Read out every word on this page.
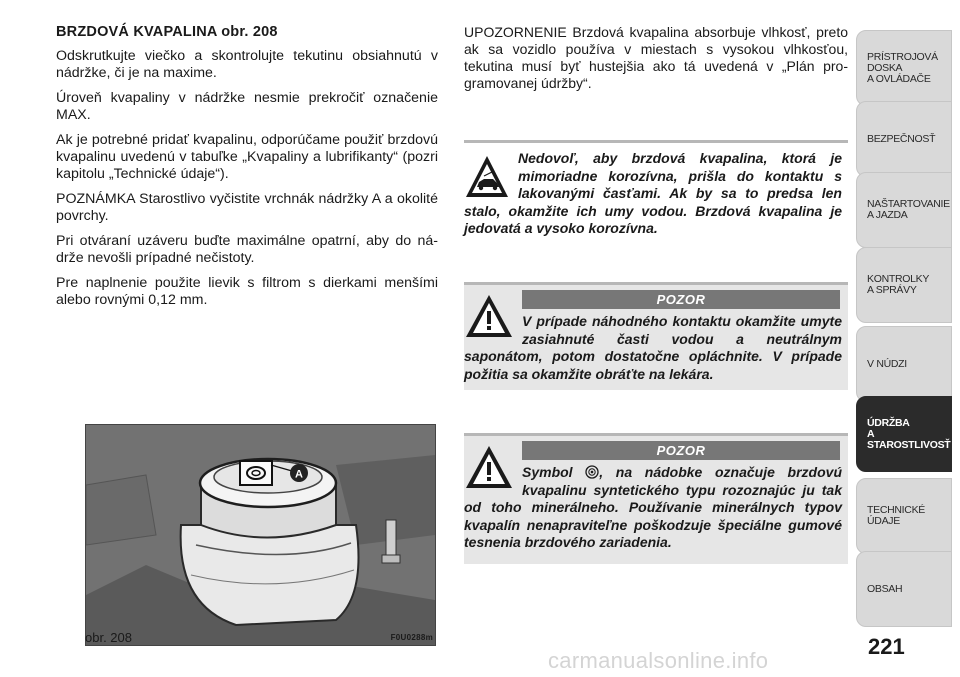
BRZDOVÁ KVAPALINA obr. 208

Odskrutkujte viečko a skontrolujte tekutinu obsiahnutú v nádržke, či je na maxime.

Úroveň kvapaliny v nádržke nesmie prekročiť označenie MAX.

Ak je potrebné pridať kvapalinu, odporúčame použiť brzdovú kvapalinu uvedenú v tabuľke „Kvapaliny a lubrifikanty“ (pozri kapitolu „Technické údaje“).

POZNÁMKA Starostlivo vyčistite vrchnák nádržky A a okolité povrchy.

Pri otváraní uzáveru buďte maximálne opatrní, aby do nádrže nevošli prípadné nečistoty.

Pre naplnenie použite lievik s filtrom s dierkami menšími alebo rovnými 0,12 mm.

A
obr. 208	F0U0288m

UPOZORNENIE Brzdová kvapalina absorbuje vlhkosť, preto ak sa vozidlo používa v miestach s vysokou vlhkosťou, tekutina musí byť hustejšia ako tá uvedená v „Plán programovanej údržby“.

Nedovoľ, aby brzdová kvapalina, ktorá je mimoriadne korozívna, prišla do kontaktu s lakovanými časťami. Ak by sa to predsa len stalo, okamžite ich umy vodou. Brzdová kvapalina je jedovatá a vysoko korozívna.
POZOR
V prípade náhodného kontaktu okamžite umyte zasiahnuté časti vodou a neutrálnym saponátom, potom dostatočne opláchnite. V prípade požitia sa okamžite obráťte na lekára.
POZOR
Symbol , na nádobke označuje brzdovú kvapalinu syntetického typu rozoznajúc ju tak od toho minerálneho. Používanie minerálnych typov kvapalín nenapraviteľne poškodzuje špeciálne gumové tesnenia brzdového zariadenia.
PRÍSTROJOVÁ
DOSKA
A OVLÁDAČE
BEZPEČNOSŤ
NAŠTARTOVANIE
A JAZDA
KONTROLKY
A SPRÁVY
V NÚDZI
ÚDRŽBA
A STAROSTLIVOSŤ
TECHNICKÉ ÚDAJE
OBSAH
221
carmanualsonline.info
